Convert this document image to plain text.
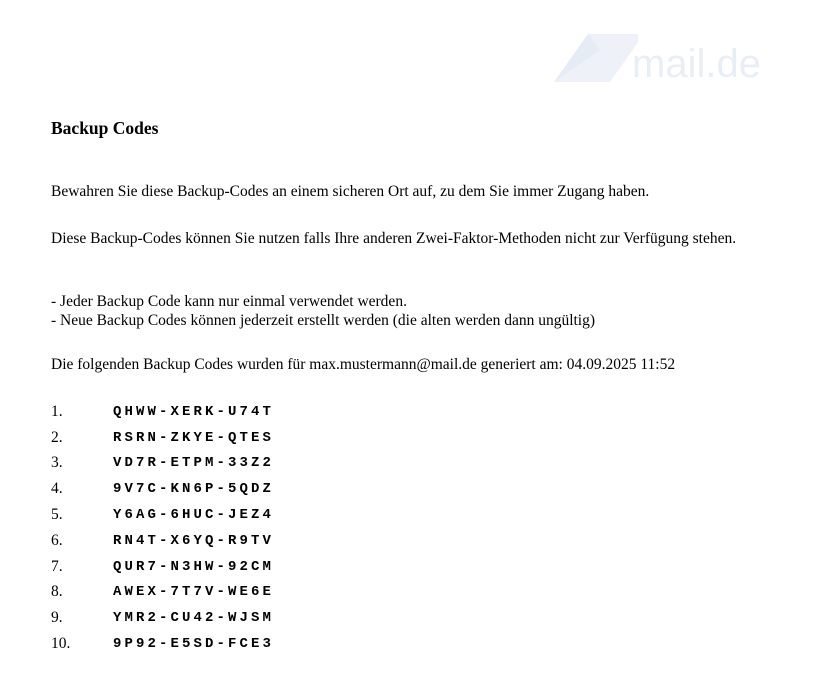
mail.de
Backup Codes

Bewahren Sie diese Backup-Codes an einem sicheren Ort auf, zu dem Sie immer Zugang haben.

Diese Backup-Codes können Sie nutzen falls Ihre anderen Zwei-Faktor-Methoden nicht zur Verfügung stehen.

- Jeder Backup Code kann nur einmal verwendet werden.
- Neue Backup Codes können jederzeit erstellt werden (die alten werden dann ungültig)

Die folgenden Backup Codes wurden für max.mustermann@mail.de generiert am: 04.09.2025 11:52

1.	QHWW-XERK-U74T
2.	RSRN-ZKYE-QTES
3.	VD7R-ETPM-33Z2
4.	9V7C-KN6P-5QDZ
5.	Y6AG-6HUC-JEZ4
6.	RN4T-X6YQ-R9TV
7.	QUR7-N3HW-92CM
8.	AWEX-7T7V-WE6E
9.	YMR2-CU42-WJSM
10.	9P92-E5SD-FCE3
